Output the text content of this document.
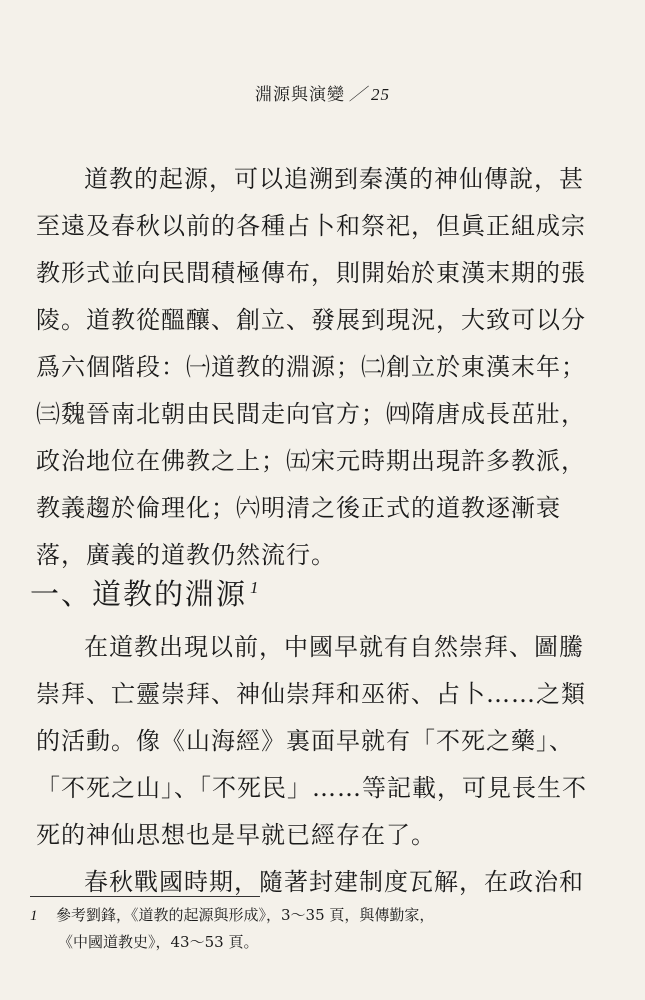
淵源與演變 ／ 25

道教的起源，可以追溯到秦漢的神仙傳說，甚至遠及春秋以前的各種占卜和祭祀，但眞正組成宗教形式並向民間積極傳布，則開始於東漢末期的張陵。道教從醞釀、創立、發展到現況，大致可以分爲六個階段：㈠道教的淵源；㈡創立於東漢末年；㈢魏晉南北朝由民間走向官方；㈣隋唐成長茁壯，政治地位在佛教之上；㈤宋元時期出現許多教派，教義趨於倫理化；㈥明清之後正式的道教逐漸衰落，廣義的道教仍然流行。

一、道教的淵源 $^1$

在道教出現以前，中國早就有自然崇拜、圖騰崇拜、亡靈崇拜、神仙崇拜和巫術、占卜……之類的活動。像《山海經》裏面早就有「不死之藥」、「不死之山」、「不死民」……等記載，可見長生不死的神仙思想也是早就已經存在了。

春秋戰國時期，隨著封建制度瓦解，在政治和

1 參考劉鋒，《道教的起源與形成》，3～35 頁，與傳勤家，
《中國道教史》，43～53 頁。
